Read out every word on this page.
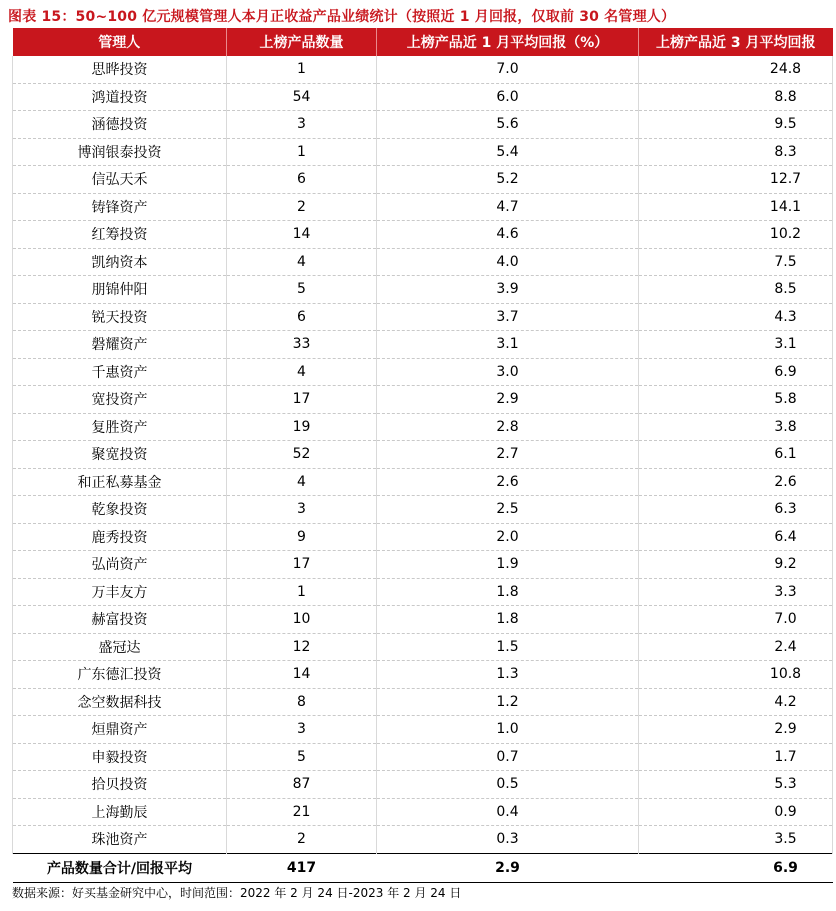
图表 15：50~100 亿元规模管理人本月正收益产品业绩统计（按照近 1 月回报，仅取前 30 名管理人）
管理人	上榜产品数量	上榜产品近 1 月平均回报（%）	上榜产品近 3 月平均回报
思晔投资	1	7.0	24.8
鸿道投资	54	6.0	8.8
涵德投资	3	5.6	9.5
博润银泰投资	1	5.4	8.3
信弘天禾	6	5.2	12.7
铸锋资产	2	4.7	14.1
红筹投资	14	4.6	10.2
凯纳资本	4	4.0	7.5
朋锦仲阳	5	3.9	8.5
锐天投资	6	3.7	4.3
磐耀资产	33	3.1	3.1
千惠资产	4	3.0	6.9
宽投资产	17	2.9	5.8
复胜资产	19	2.8	3.8
聚宽投资	52	2.7	6.1
和正私募基金	4	2.6	2.6
乾象投资	3	2.5	6.3
鹿秀投资	9	2.0	6.4
弘尚资产	17	1.9	9.2
万丰友方	1	1.8	3.3
赫富投资	10	1.8	7.0
盛冠达	12	1.5	2.4
广东德汇投资	14	1.3	10.8
念空数据科技	8	1.2	4.2
烜鼎资产	3	1.0	2.9
申毅投资	5	0.7	1.7
拾贝投资	87	0.5	5.3
上海勤辰	21	0.4	0.9
珠池资产	2	0.3	3.5
产品数量合计/回报平均	417	2.9	6.9
数据来源：好买基金研究中心，时间范围：2022 年 2 月 24 日-2023 年 2 月 24 日
